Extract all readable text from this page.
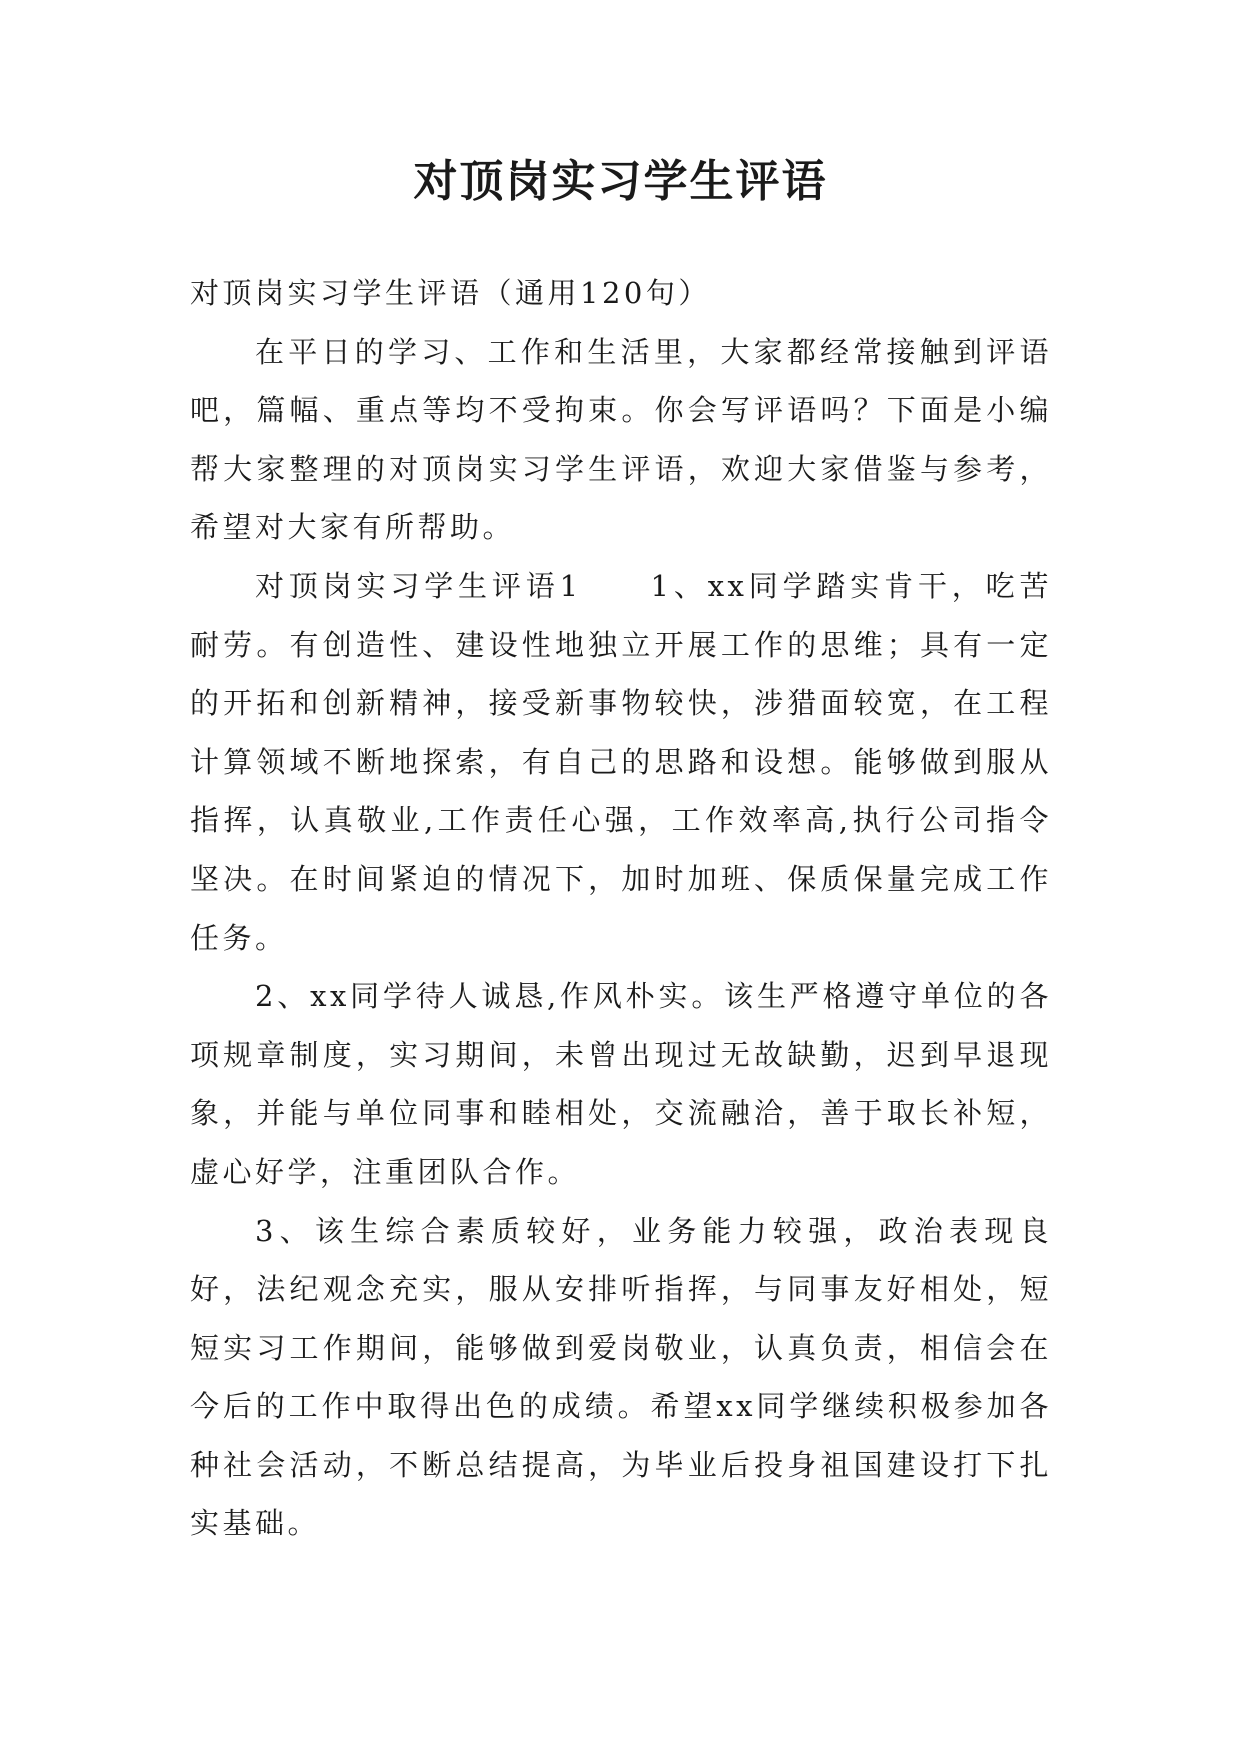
对顶岗实习学生评语

对顶岗实习学生评语（通用120句）

在平日的学习、工作和生活里，大家都经常接触到评语吧，篇幅、重点等均不受拘束。你会写评语吗？下面是小编帮大家整理的对顶岗实习学生评语，欢迎大家借鉴与参考，希望对大家有所帮助。

对顶岗实习学生评语1　　1、xx同学踏实肯干，吃苦耐劳。有创造性、建设性地独立开展工作的思维；具有一定的开拓和创新精神，接受新事物较快，涉猎面较宽，在工程计算领域不断地探索，有自己的思路和设想。能够做到服从指挥，认真敬业,工作责任心强，工作效率高,执行公司指令坚决。在时间紧迫的情况下，加时加班、保质保量完成工作任务。

2、xx同学待人诚恳,作风朴实。该生严格遵守单位的各项规章制度，实习期间，未曾出现过无故缺勤，迟到早退现象，并能与单位同事和睦相处，交流融洽，善于取长补短，虚心好学，注重团队合作。

3、该生综合素质较好，业务能力较强，政治表现良好，法纪观念充实，服从安排听指挥，与同事友好相处，短短实习工作期间，能够做到爱岗敬业，认真负责，相信会在今后的工作中取得出色的成绩。希望xx同学继续积极参加各种社会活动，不断总结提高，为毕业后投身祖国建设打下扎实基础。
